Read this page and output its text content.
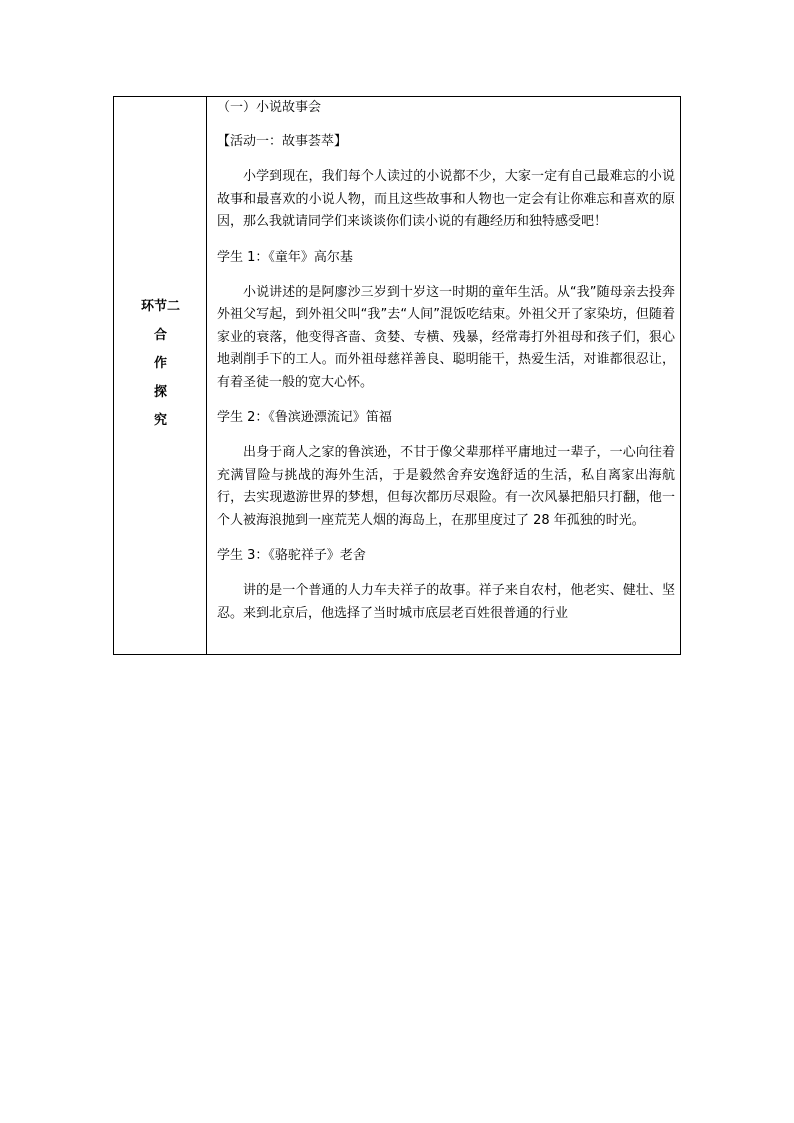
环节二
合
作
探
究

（一）小说故事会

【活动一：故事荟萃】

小学到现在，我们每个人读过的小说都不少，大家一定有自己最难忘的小说故事和最喜欢的小说人物，而且这些故事和人物也一定会有让你难忘和喜欢的原因，那么我就请同学们来谈谈你们读小说的有趣经历和独特感受吧！

学生 1：《童年》高尔基

小说讲述的是阿廖沙三岁到十岁这一时期的童年生活。从“我”随母亲去投奔外祖父写起，到外祖父叫“我”去“人间”混饭吃结束。外祖父开了家染坊，但随着家业的衰落，他变得吝啬、贪婪、专横、残暴，经常毒打外祖母和孩子们，狠心地剥削手下的工人。而外祖母慈祥善良、聪明能干，热爱生活，对谁都很忍让，有着圣徒一般的宽大心怀。

学生 2：《鲁滨逊漂流记》笛福

出身于商人之家的鲁滨逊，不甘于像父辈那样平庸地过一辈子，一心向往着充满冒险与挑战的海外生活，于是毅然舍弃安逸舒适的生活，私自离家出海航行，去实现遨游世界的梦想，但每次都历尽艰险。有一次风暴把船只打翻，他一个人被海浪抛到一座荒芜人烟的海岛上，在那里度过了 28 年孤独的时光。

学生 3：《骆驼祥子》老舍

讲的是一个普通的人力车夫祥子的故事。祥子来自农村，他老实、健壮、坚忍。来到北京后，他选择了当时城市底层老百姓很普通的行业
